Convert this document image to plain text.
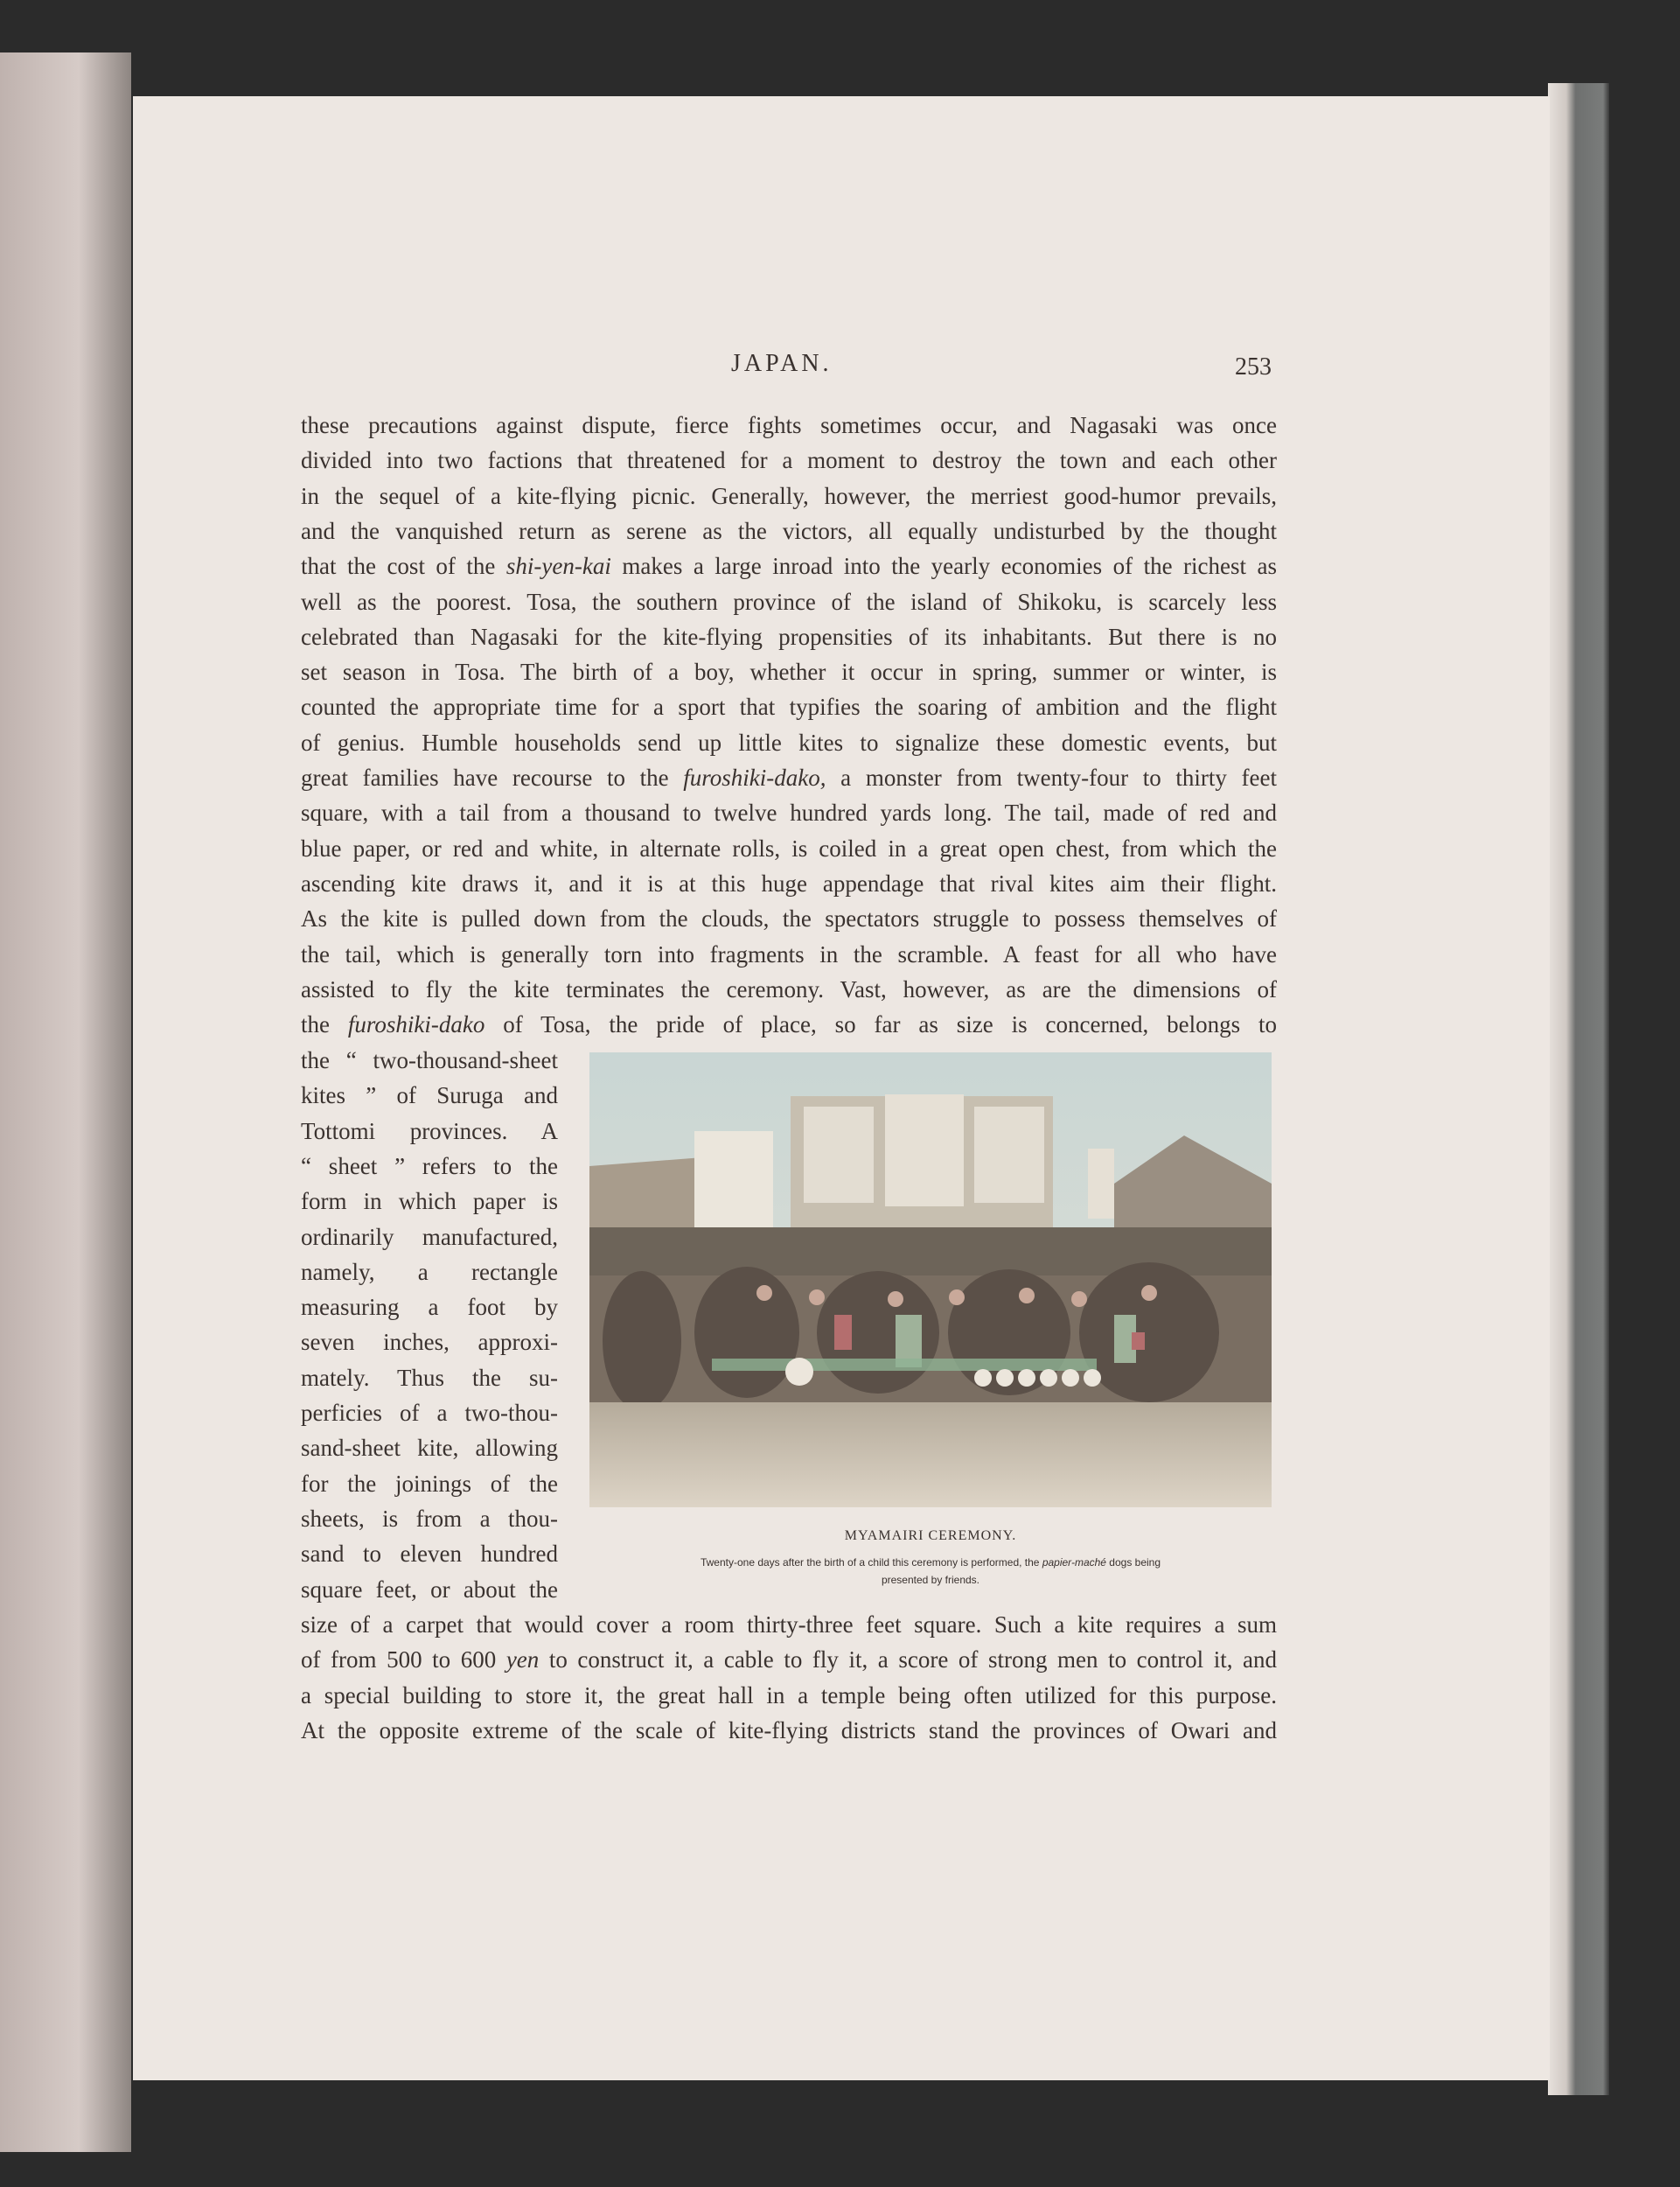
JAPAN.	253
these precautions against dispute, fierce fights sometimes occur, and Nagasaki was once
divided into two factions that threatened for a moment to destroy the town and each other
in the sequel of a kite-flying picnic. Generally, however, the merriest good-humor prevails,
and the vanquished return as serene as the victors, all equally undisturbed by the thought
that the cost of the shi-yen-kai makes a large inroad into the yearly economies of the richest as
well as the poorest. Tosa, the southern province of the island of Shikoku, is scarcely less
celebrated than Nagasaki for the kite-flying propensities of its inhabitants. But there is no
set season in Tosa. The birth of a boy, whether it occur in spring, summer or winter, is
counted the appropriate time for a sport that typifies the soaring of ambition and the flight
of genius. Humble households send up little kites to signalize these domestic events, but
great families have recourse to the furoshiki-dako, a monster from twenty-four to thirty feet
square, with a tail from a thousand to twelve hundred yards long. The tail, made of red and
blue paper, or red and white, in alternate rolls, is coiled in a great open chest, from which the
ascending kite draws it, and it is at this huge appendage that rival kites aim their flight.
As the kite is pulled down from the clouds, the spectators struggle to possess themselves of
the tail, which is generally torn into fragments in the scramble. A feast for all who have
assisted to fly the kite terminates the ceremony. Vast, however, as are the dimensions of
the furoshiki-dako of Tosa, the pride of place, so far as size is concerned, belongs to
the “ two-thousand-sheet
kites ” of Suruga and
Tottomi provinces. A
“ sheet ” refers to the
form in which paper is
ordinarily manufactured,
namely, a rectangle
measuring a foot by
seven inches, approxi-
mately. Thus the su-
perficies of a two-thou-
sand-sheet kite, allowing
for the joinings of the
sheets, is from a thou-
sand to eleven hundred
square feet, or about the
size of a carpet that would cover a room thirty-three feet square. Such a kite requires a sum
of from 500 to 600 yen to construct it, a cable to fly it, a score of strong men to control it, and
a special building to store it, the great hall in a temple being often utilized for this purpose.
At the opposite extreme of the scale of kite-flying districts stand the provinces of Owari and
MYAMAIRI CEREMONY.
Twenty-one days after the birth of a child this ceremony is performed, the papier-maché dogs being
presented by friends.
